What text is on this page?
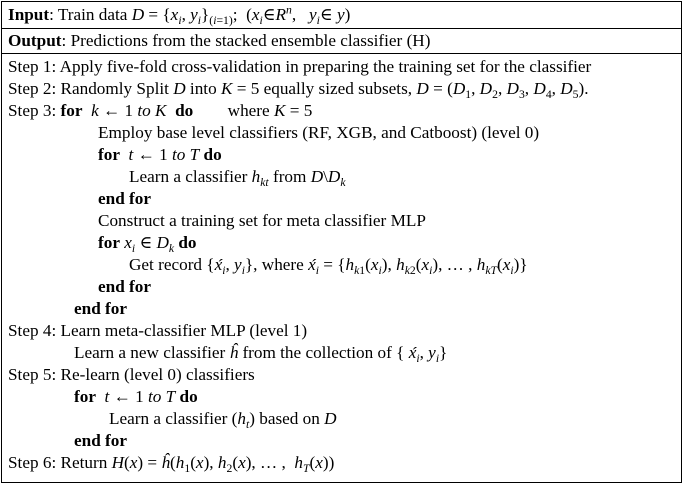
Input: Train data $D = \{x_i$, $y_i\}_{(i=1)}$;  ($x_i\in R^n$,   $y_i\in$ y)
Output: Predictions from the stacked ensemble classifier (H)
Step 1: Apply five-fold cross-validation in preparing the training set for the classifier
Step 2: Randomly Split D into K = 5 equally sized subsets, $D = (D_1$, $D_2$, $D_3$, $D_4$, $D_5$).
Step 3: for k ← 1 to K do        where K = 5
Employ base level classifiers (RF, XGB, and Catboost) (level 0)
for t ← 1 to T do
Learn a classifier $h_{kt}$ from $D\backslash D_k$
end for
Construct a training set for meta classifier MLP
for $x_i$ ∈ $D_k$ do
Get record {$x́_i$, $y_i$}, where $x́_i = \{h_{k1}(x_i)$, $h_{k2}(x_i)$, … , $h_{kT}(x_i)$}
end for
end for
Step 4: Learn meta-classifier MLP (level 1)
Learn a new classifier ĥ from the collection of { $x́_i$, $y_i$}
Step 5: Re-learn (level 0) classifiers
for t ← 1 to T do
Learn a classifier $(h_t)$ based on D
end for
Step 6: Return $H(x) = ĥ(h_1(x)$, $h_2(x)$, … ,  $h_T(x)$)
